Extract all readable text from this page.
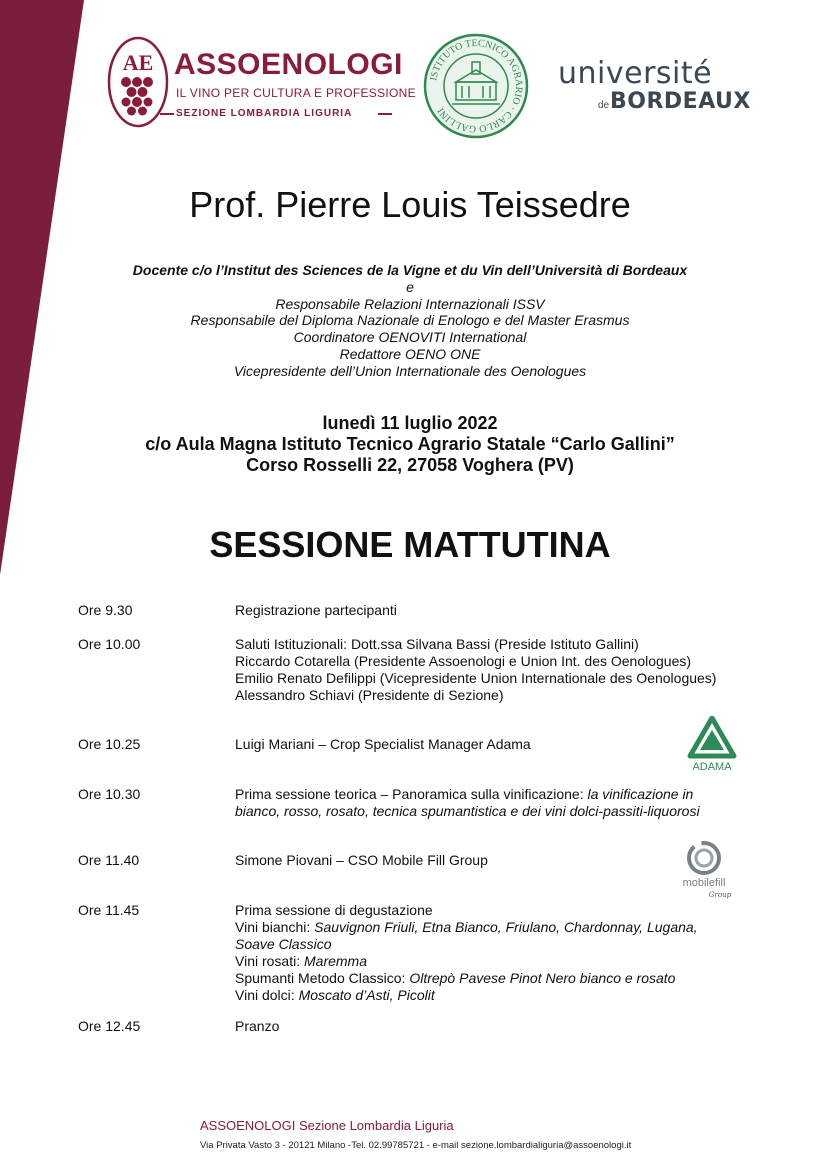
AE ASSOENOLOGI
IL VINO PER CULTURA E PROFESSIONE
SEZIONE LOMBARDIA LIGURIA
ISTITUTO TECNICO AGRARIO · CARLO GALLINI
université
de BORDEAUX
Prof. Pierre Louis Teissedre
Docente c/o l’Institut des Sciences de la Vigne et du Vin dell’Università di Bordeaux
e
Responsabile Relazioni Internazionali ISSV
Responsabile del Diploma Nazionale di Enologo e del Master Erasmus
Coordinatore OENOVITI International
Redattore OENO ONE
Vicepresidente dell’Union Internationale des Oenologues
lunedì 11 luglio 2022
c/o Aula Magna Istituto Tecnico Agrario Statale “Carlo Gallini”
Corso Rosselli 22, 27058 Voghera (PV)
SESSIONE MATTUTINA
Ore 9.30	Registrazione partecipanti
Ore 10.00	Saluti Istituzionali: Dott.ssa Silvana Bassi (Preside Istituto Gallini)
Riccardo Cotarella (Presidente Assoenologi e Union Int. des Oenologues)
Emilio Renato Defilippi (Vicepresidente Union Internationale des Oenologues)
Alessandro Schiavi (Presidente di Sezione)
Ore 10.25	Luigi Mariani – Crop Specialist Manager Adama
Ore 10.30	Prima sessione teorica – Panoramica sulla vinificazione: la vinificazione in
bianco, rosso, rosato, tecnica spumantistica e dei vini dolci-passiti-liquorosi
Ore 11.40	Simone Piovani – CSO Mobile Fill Group
Ore 11.45	Prima sessione di degustazione
Vini bianchi: Sauvignon Friuli, Etna Bianco, Friulano, Chardonnay, Lugana,
Soave Classico
Vini rosati: Maremma
Spumanti Metodo Classico: Oltrepò Pavese Pinot Nero bianco e rosato
Vini dolci: Moscato d’Asti, Picolit
Ore 12.45	Pranzo
ADAMA
mobilefill
Group
ASSOENOLOGI Sezione Lombardia Liguria
Via Privata Vasto 3 - 20121 Milano -Tel. 02.99785721 - e-mail sezione.lombardialiguria@assoenologi.it
